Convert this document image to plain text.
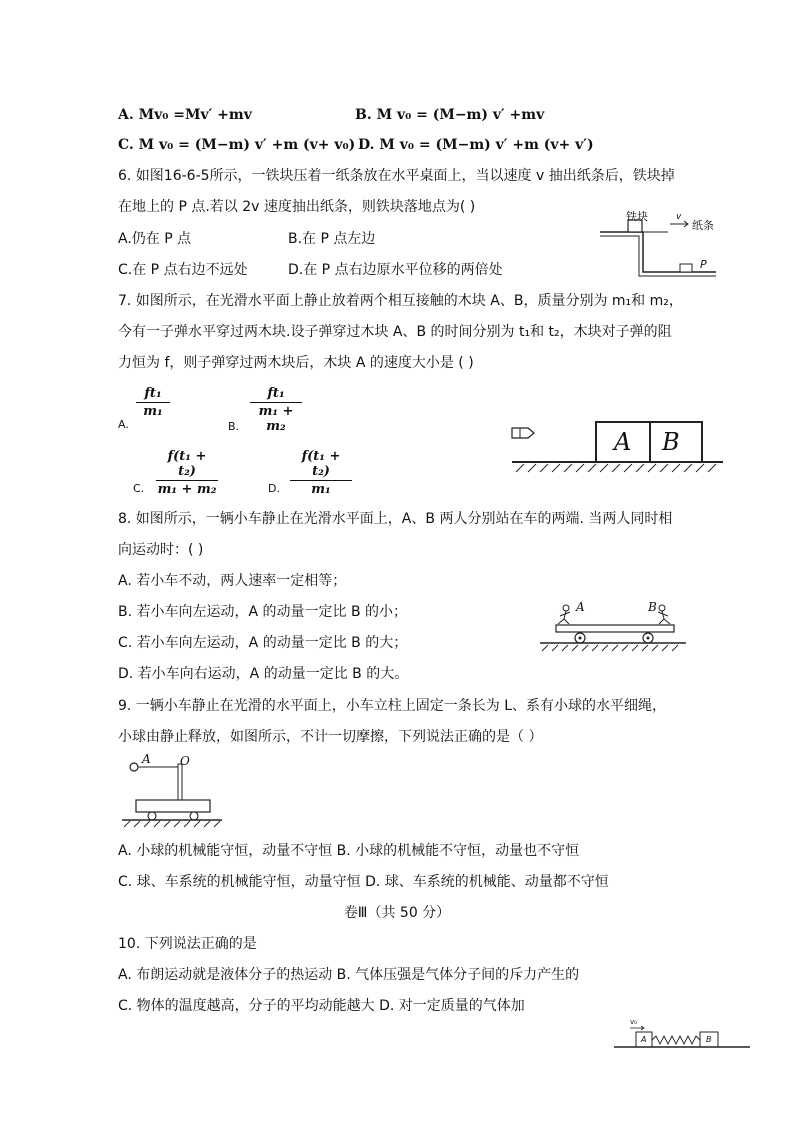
A. Mv₀ =Mv′ +mv	B. M v₀ = (M−m) v′ +mv
C. M v₀ = (M−m) v′ +m (v+ v₀) D. M v₀ = (M−m) v′ +m (v+ v′)
6. 如图16-6-5所示，一铁块压着一纸条放在水平桌面上，当以速度 v 抽出纸条后，铁块掉
在地上的 P 点.若以 2v 速度抽出纸条，则铁块落地点为( )
A.仍在 P 点	B.在 P 点左边
C.在 P 点右边不远处	D.在 P 点右边原水平位移的两倍处
铁块	v
纸条
P
7. 如图所示，在光滑水平面上静止放着两个相互接触的木块 A、B，质量分别为 m₁和 m₂，
今有一子弹水平穿过两木块.设子弹穿过木块 A、B 的时间分别为 t₁和 t₂，木块对子弹的阻
力恒为 f，则子弹穿过两木块后，木块 A 的速度大小是 ( )
A.
ft₁
m₁
B.
ft₁
m₁ + m₂
C.
f(t₁ + t₂)
m₁ + m₂	D.
f(t₁ + t₂)
m₁
A B
8. 如图所示，一辆小车静止在光滑水平面上，A、B 两人分别站在车的两端. 当两人同时相
向运动时：( )
A. 若小车不动，两人速率一定相等；
B. 若小车向左运动，A 的动量一定比 B 的小；
C. 若小车向左运动，A 的动量一定比 B 的大；
D. 若小车向右运动，A 的动量一定比 B 的大。
A	B
9. 一辆小车静止在光滑的水平面上，小车立柱上固定一条长为 L、系有小球的水平细绳，
小球由静止释放，如图所示，不计一切摩擦，下列说法正确的是（ ）
A O
A. 小球的机械能守恒，动量不守恒 B. 小球的机械能不守恒，动量也不守恒
C. 球、车系统的机械能守恒，动量守恒 D. 球、车系统的机械能、动量都不守恒
卷Ⅲ（共 50 分）
10. 下列说法正确的是
A. 布朗运动就是液体分子的热运动 B. 气体压强是气体分子间的斥力产生的
C. 物体的温度越高，分子的平均动能越大 D. 对一定质量的气体加
v₀
A	B
